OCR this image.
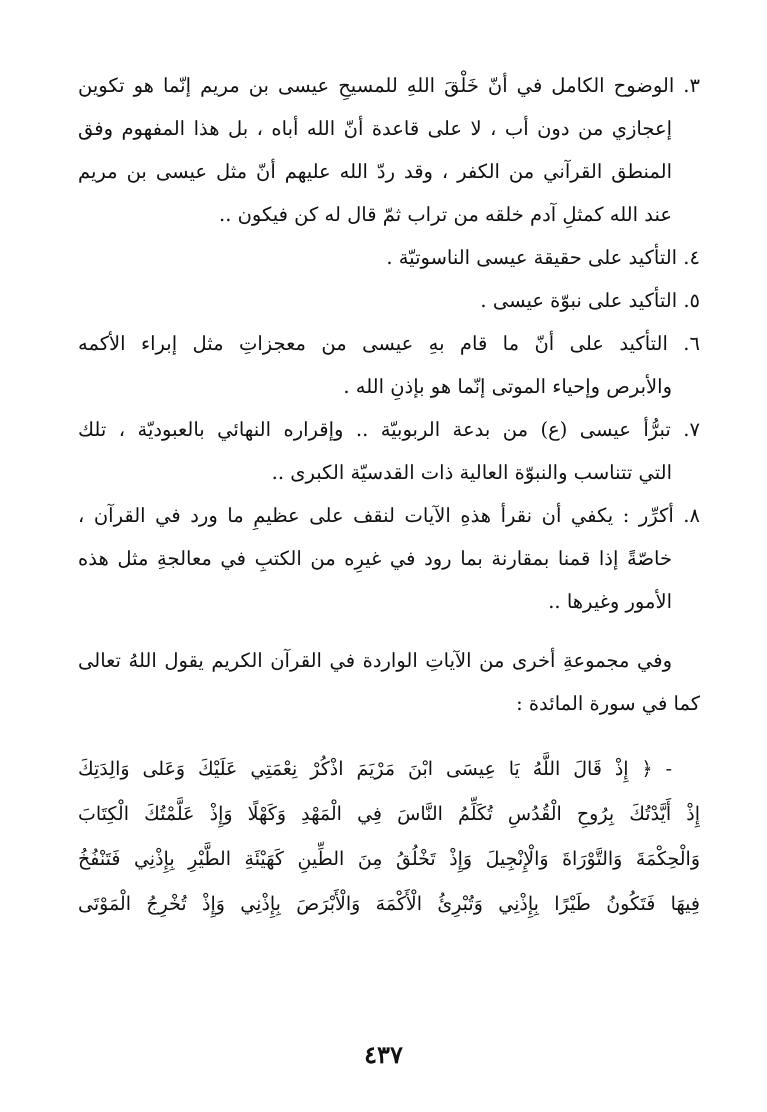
٣. الوضوح الكامل في أنّ خَلْقَ اللهِ للمسيحِ عيسى بن مريم إنّما هو تكوين
إعجازي من دون أب ، لا على قاعدة أنّ الله أباه ، بل هذا المفهوم وفق
المنطق القرآني من الكفر ، وقد ردّ الله عليهم أنّ مثل عيسى بن مريم
عند الله كمثلِ آدم خلقه من تراب ثمّ قال له كن فيكون ..
٤. التأكيد على حقيقة عيسى الناسوتيّة .
٥. التأكيد على نبوّة عيسى .
٦. التأكيد على أنّ ما قام بهِ عيسى من معجزاتِ مثل إبراء الأكمه
والأبرص وإحياء الموتى إنّما هو بإذنِ الله .
٧. تبرُّأ عيسى (ع) من بدعة الربوبيّة .. وإقراره النهائي بالعبوديّة ، تلك
التي تتناسب والنبوّة العالية ذات القدسيّة الكبرى ..
٨. أكرِّر : يكفي أن نقرأ هذهِ الآيات لنقف على عظيمِ ما ورد في القرآن ،
خاصّةً إذا قمنا بمقارنة بما رود في غيرِه من الكتبِ في معالجةِ مثل هذه
الأمور وغيرها ..
وفي مجموعةِ أخرى من الآياتِ الواردة في القرآن الكريم يقول اللهُ تعالى
كما في سورة المائدة :
- ﴿ إِذْ قَالَ اللَّهُ يَا عِيسَى ابْنَ مَرْيَمَ اذْكُرْ نِعْمَتِي عَلَيْكَ وَعَلى وَالِدَتِكَ
إِذْ أَيَّدْتُكَ بِرُوحِ الْقُدُسِ تُكَلِّمُ النَّاسَ فِي الْمَهْدِ وَكَهْلًا وَإِذْ عَلَّمْتُكَ الْكِتَابَ
وَالْحِكْمَةَ وَالتَّوْرَاةَ وَالْإِنْجِيلَ وَإِذْ تَخْلُقُ مِنَ الطِّينِ كَهَيْئَةِ الطَّيْرِ بِإِذْنِي فَتَنْفُخُ
فِيهَا فَتَكُونُ طَيْرًا بِإِذْنِي وَتُبْرِئُ الْأَكْمَهَ وَالْأَبْرَصَ بِإِذْنِي وَإِذْ تُخْرِجُ الْمَوْتَى
٤٣٧
